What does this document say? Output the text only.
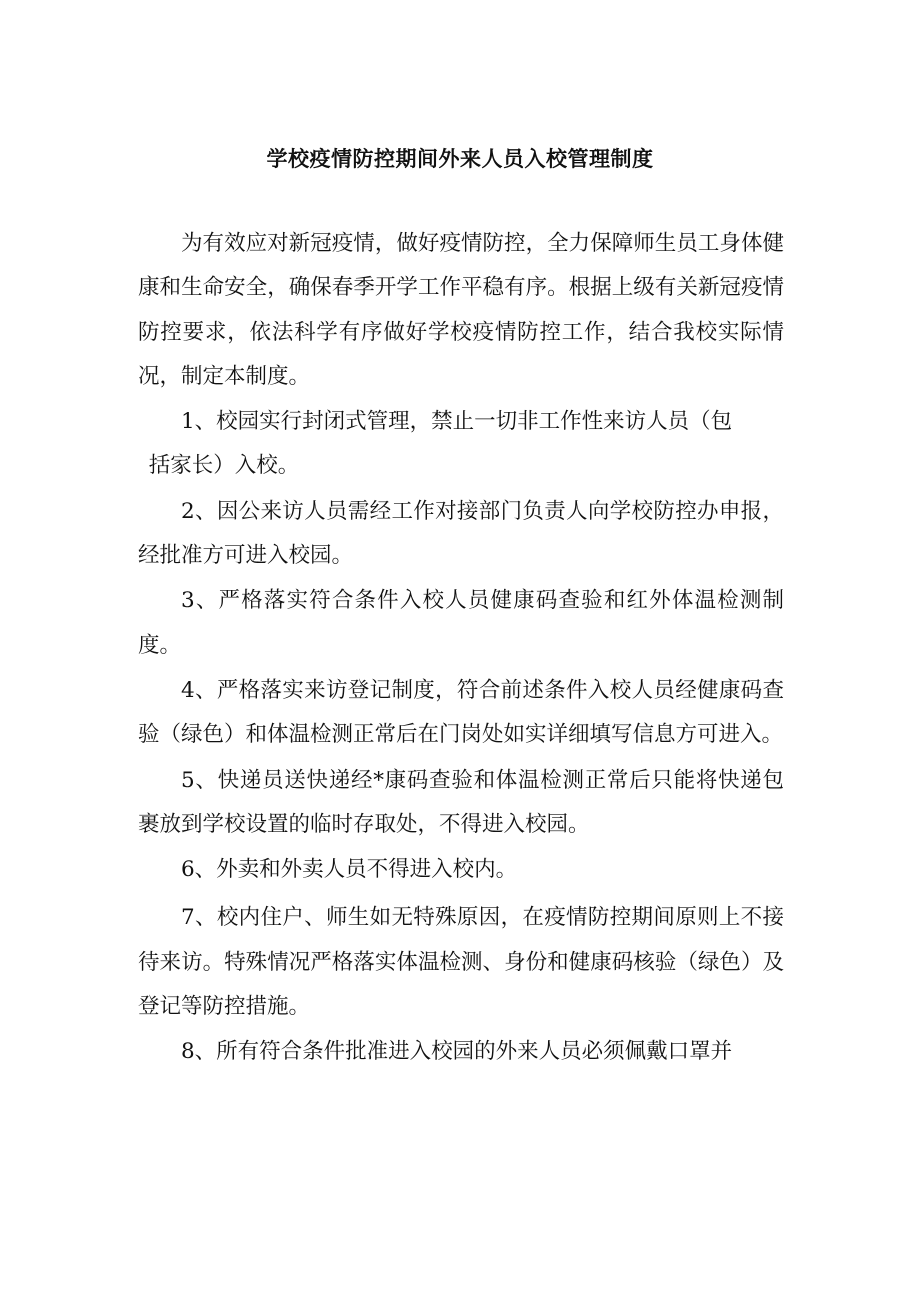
学校疫情防控期间外来人员入校管理制度

为有效应对新冠疫情，做好疫情防控，全力保障师生员工身体健康和生命安全，确保春季开学工作平稳有序。根据上级有关新冠疫情防控要求，依法科学有序做好学校疫情防控工作，结合我校实际情况，制定本制度。

1、校园实行封闭式管理，禁止一切非工作性来访人员（包
括家长）入校。

2、因公来访人员需经工作对接部门负责人向学校防控办申报，经批准方可进入校园。

3、严格落实符合条件入校人员健康码查验和红外体温检测制度。

4、严格落实来访登记制度，符合前述条件入校人员经健康码查验（绿色）和体温检测正常后在门岗处如实详细填写信息方可进入。

5、快递员送快递经*康码查验和体温检测正常后只能将快递包裹放到学校设置的临时存取处，不得进入校园。

6、外卖和外卖人员不得进入校内。

7、校内住户、师生如无特殊原因，在疫情防控期间原则上不接待来访。特殊情况严格落实体温检测、身份和健康码核验（绿色）及登记等防控措施。

8、所有符合条件批准进入校园的外来人员必须佩戴口罩并
